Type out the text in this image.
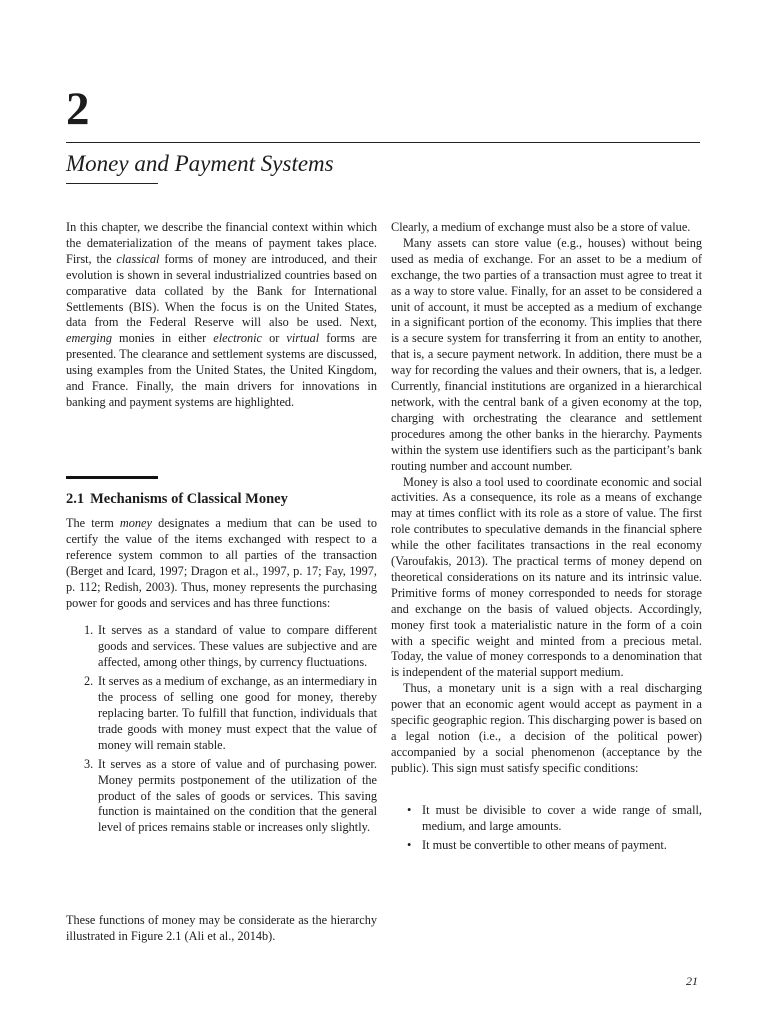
2
Money and Payment Systems

In this chapter, we describe the financial context within which the dematerialization of the means of payment takes place. First, the classical forms of money are introduced, and their evolution is shown in several industrialized countries based on comparative data collated by the Bank for International Settlements (BIS). When the focus is on the United States, data from the Federal Reserve will also be used. Next, emerging monies in either electronic or virtual forms are presented. The clearance and settlement systems are discussed, using examples from the United States, the United Kingdom, and France. Finally, the main drivers for innovations in banking and payment systems are highlighted.

2.1 Mechanisms of Classical Money

The term money designates a medium that can be used to certify the value of the items exchanged with respect to a reference system common to all parties of the transaction (Berget and Icard, 1997; Dragon et al., 1997, p. 17; Fay, 1997, p. 112; Redish, 2003). Thus, money represents the purchasing power for goods and services and has three functions:

1. It serves as a standard of value to compare different goods and services. These values are subjective and are affected, among other things, by currency fluctuations.
2. It serves as a medium of exchange, as an intermediary in the process of selling one good for money, thereby replacing barter. To fulfill that function, individuals that trade goods with money must expect that the value of money will remain stable.
3. It serves as a store of value and of purchasing power. Money permits postponement of the utilization of the product of the sales of goods or services. This saving function is maintained on the condition that the general level of prices remains stable or increases only slightly.

These functions of money may be considerate as the hierarchy illustrated in Figure 2.1 (Ali et al., 2014b).

Clearly, a medium of exchange must also be a store of value.

Many assets can store value (e.g., houses) without being used as media of exchange. For an asset to be a medium of exchange, the two parties of a transaction must agree to treat it as a way to store value. Finally, for an asset to be considered a unit of account, it must be accepted as a medium of exchange in a significant portion of the economy. This implies that there is a secure system for transferring it from an entity to another, that is, a secure payment network. In addition, there must be a way for recording the values and their owners, that is, a ledger. Currently, financial institutions are organized in a hierarchical network, with the central bank of a given economy at the top, charging with orchestrating the clearance and settlement procedures among the other banks in the hierarchy. Payments within the system use identifiers such as the participant’s bank routing number and account number.

Money is also a tool used to coordinate economic and social activities. As a consequence, its role as a means of exchange may at times conflict with its role as a store of value. The first role contributes to speculative demands in the financial sphere while the other facilitates transactions in the real economy (Varoufakis, 2013). The practical terms of money depend on theoretical considerations on its nature and its intrinsic value. Primitive forms of money corresponded to needs for storage and exchange on the basis of valued objects. Accordingly, money first took a materialistic nature in the form of a coin with a specific weight and minted from a precious metal. Today, the value of money corresponds to a denomination that is independent of the material support medium.

Thus, a monetary unit is a sign with a real discharging power that an economic agent would accept as payment in a specific geographic region. This discharging power is based on a legal notion (i.e., a decision of the political power) accompanied by a social phenomenon (acceptance by the public). This sign must satisfy specific conditions:

• It must be divisible to cover a wide range of small, medium, and large amounts.
• It must be convertible to other means of payment.
21
